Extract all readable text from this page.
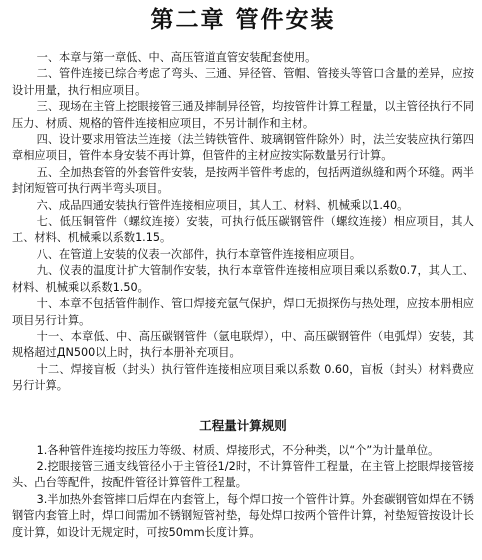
第二章 管件安装

一、本章与第一章低、中、高压管道直管安装配套使用。

二、管件连接已综合考虑了弯头、三通、异径管、管帽、管接头等管口含量的差异，应按设计用量，执行相应项目。

三、现场在主管上挖眼接管三通及摔制异径管，均按管件计算工程量，以主管径执行不同压力、材质、规格的管件连接相应项目，不另计制作和主材。

四、设计要求用管法兰连接（法兰铸铁管件、玻璃钢管件除外）时，法兰安装应执行第四章相应项目，管件本身安装不再计算，但管件的主材应按实际数量另行计算。

五、全加热套管的外套管件安装，是按两半管件考虑的，包括两道纵缝和两个环缝。两半封闭短管可执行两半弯头项目。

六、成品四通安装执行管件连接相应项目，其人工、材料、机械乘以1.40。

七、低压铜管件（螺纹连接）安装，可执行低压碳钢管件（螺纹连接）相应项目，其人工、材料、机械乘以系数1.15。

八、在管道上安装的仪表一次部件，执行本章管件连接相应项目。

九、仪表的温度计扩大管制作安装，执行本章管件连接相应项目乘以系数0.7，其人工、材料、机械乘以系数1.50。

十、本章不包括管件制作、管口焊接充氩气保护，焊口无损探伤与热处理，应按本册相应项目另行计算。

十一、本章低、中、高压碳钢管件（氩电联焊），中、高压碳钢管件（电弧焊）安装，其规格超过ДN500以上时，执行本册补充项目。

十二、焊接盲板（封头）执行管件连接相应项目乘以系数 0.60，盲板（封头）材料费应另行计算。

工程量计算规则

1.各种管件连接均按压力等级、材质、焊接形式，不分种类，以“个”为计量单位。

2.挖眼接管三通支线管径小于主管径1/2时，不计算管件工程量，在主管上挖眼焊接管接头、凸台等配件，按配件管径计算管件工程量。

3.半加热外套管摔口后焊在内套管上，每个焊口按一个管件计算。外套碳钢管如焊在不锈钢管内套管上时，焊口间需加不锈钢短管衬垫，每处焊口按两个管件计算，衬垫短管按设计长度计算，如设计无规定时，可按50mm长度计算。
